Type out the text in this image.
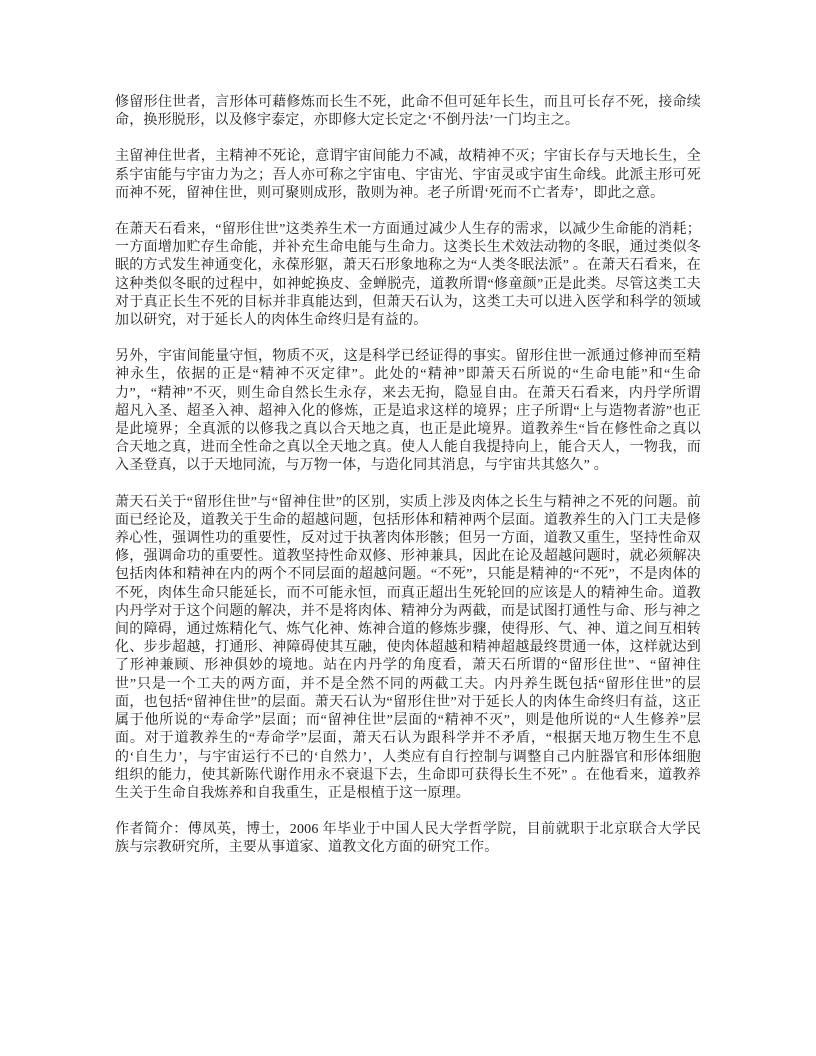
修留形住世者，言形体可藉修炼而长生不死，此命不但可延年长生，而且可长存不死，接命续命，换形脱形，以及修宇泰定，亦即修大定长定之‘不倒丹法’一门均主之。

主留神住世者，主精神不死论，意谓宇宙间能力不减，故精神不灭；宇宙长存与天地长生，全系宇宙能与宇宙力为之；吾人亦可称之宇宙电、宇宙光、宇宙灵或宇宙生命线。此派主形可死而神不死，留神住世，则可聚则成形，散则为神。老子所谓‘死而不亡者寿’，即此之意。

在萧天石看来，“留形住世”这类养生术一方面通过减少人生存的需求，以减少生命能的消耗；一方面增加贮存生命能，并补充生命电能与生命力。这类长生术效法动物的冬眠，通过类似冬眠的方式发生神通变化，永葆形躯，萧天石形象地称之为“人类冬眠法派” 。在萧天石看来，在这种类似冬眠的过程中，如神蛇换皮、金蝉脱壳，道教所谓“修童颜”正是此类。尽管这类工夫对于真正长生不死的目标并非真能达到，但萧天石认为，这类工夫可以进入医学和科学的领域加以研究，对于延长人的肉体生命终归是有益的。

另外，宇宙间能量守恒，物质不灭，这是科学已经证得的事实。留形住世一派通过修神而至精神永生，依据的正是“精神不灭定律”。此处的“精神”即萧天石所说的“生命电能”和“生命力”，“精神”不灭，则生命自然长生永存，来去无拘，隐显自由。在萧天石看来，内丹学所谓超凡入圣、超圣入神、超神入化的修炼，正是追求这样的境界；庄子所谓“上与造物者游”也正是此境界；全真派的以修我之真以合天地之真，也正是此境界。道教养生“旨在修性命之真以合天地之真，进而全性命之真以全天地之真。使人人能自我提持向上，能合天人，一物我，而入圣登真，以于天地同流，与万物一体，与造化同其消息，与宇宙共其悠久” 。

萧天石关于“留形住世”与“留神住世”的区别，实质上涉及肉体之长生与精神之不死的问题。前面已经论及，道教关于生命的超越问题，包括形体和精神两个层面。道教养生的入门工夫是修养心性，强调性功的重要性，反对过于执著肉体形骸；但另一方面，道教又重生，坚持性命双修，强调命功的重要性。道教坚持性命双修、形神兼具，因此在论及超越问题时，就必须解决包括肉体和精神在内的两个不同层面的超越问题。“不死”，只能是精神的“不死”，不是肉体的不死，肉体生命只能延长，而不可能永恒，而真正超出生死轮回的应该是人的精神生命。道教内丹学对于这个问题的解决，并不是将肉体、精神分为两截，而是试图打通性与命、形与神之间的障碍，通过炼精化气、炼气化神、炼神合道的修炼步骤，使得形、气、神、道之间互相转化、步步超越，打通形、神障碍使其互融，使肉体超越和精神超越最终贯通一体，这样就达到了形神兼顾、形神俱妙的境地。站在内丹学的角度看，萧天石所谓的“留形住世”、“留神住世”只是一个工夫的两方面，并不是全然不同的两截工夫。内丹养生既包括“留形住世”的层面，也包括“留神住世”的层面。萧天石认为“留形住世”对于延长人的肉体生命终归有益，这正属于他所说的“寿命学”层面；而“留神住世”层面的“精神不灭”，则是他所说的“人生修养”层面。对于道教养生的“寿命学”层面，萧天石认为跟科学并不矛盾，“根据天地万物生生不息的‘自生力’，与宇宙运行不已的‘自然力’，人类应有自行控制与调整自己内脏器官和形体细胞组织的能力，使其新陈代谢作用永不衰退下去，生命即可获得长生不死” 。在他看来，道教养生关于生命自我炼养和自我重生，正是根植于这一原理。

作者简介：傅凤英，博士，2006 年毕业于中国人民大学哲学院，目前就职于北京联合大学民族与宗教研究所，主要从事道家、道教文化方面的研究工作。
